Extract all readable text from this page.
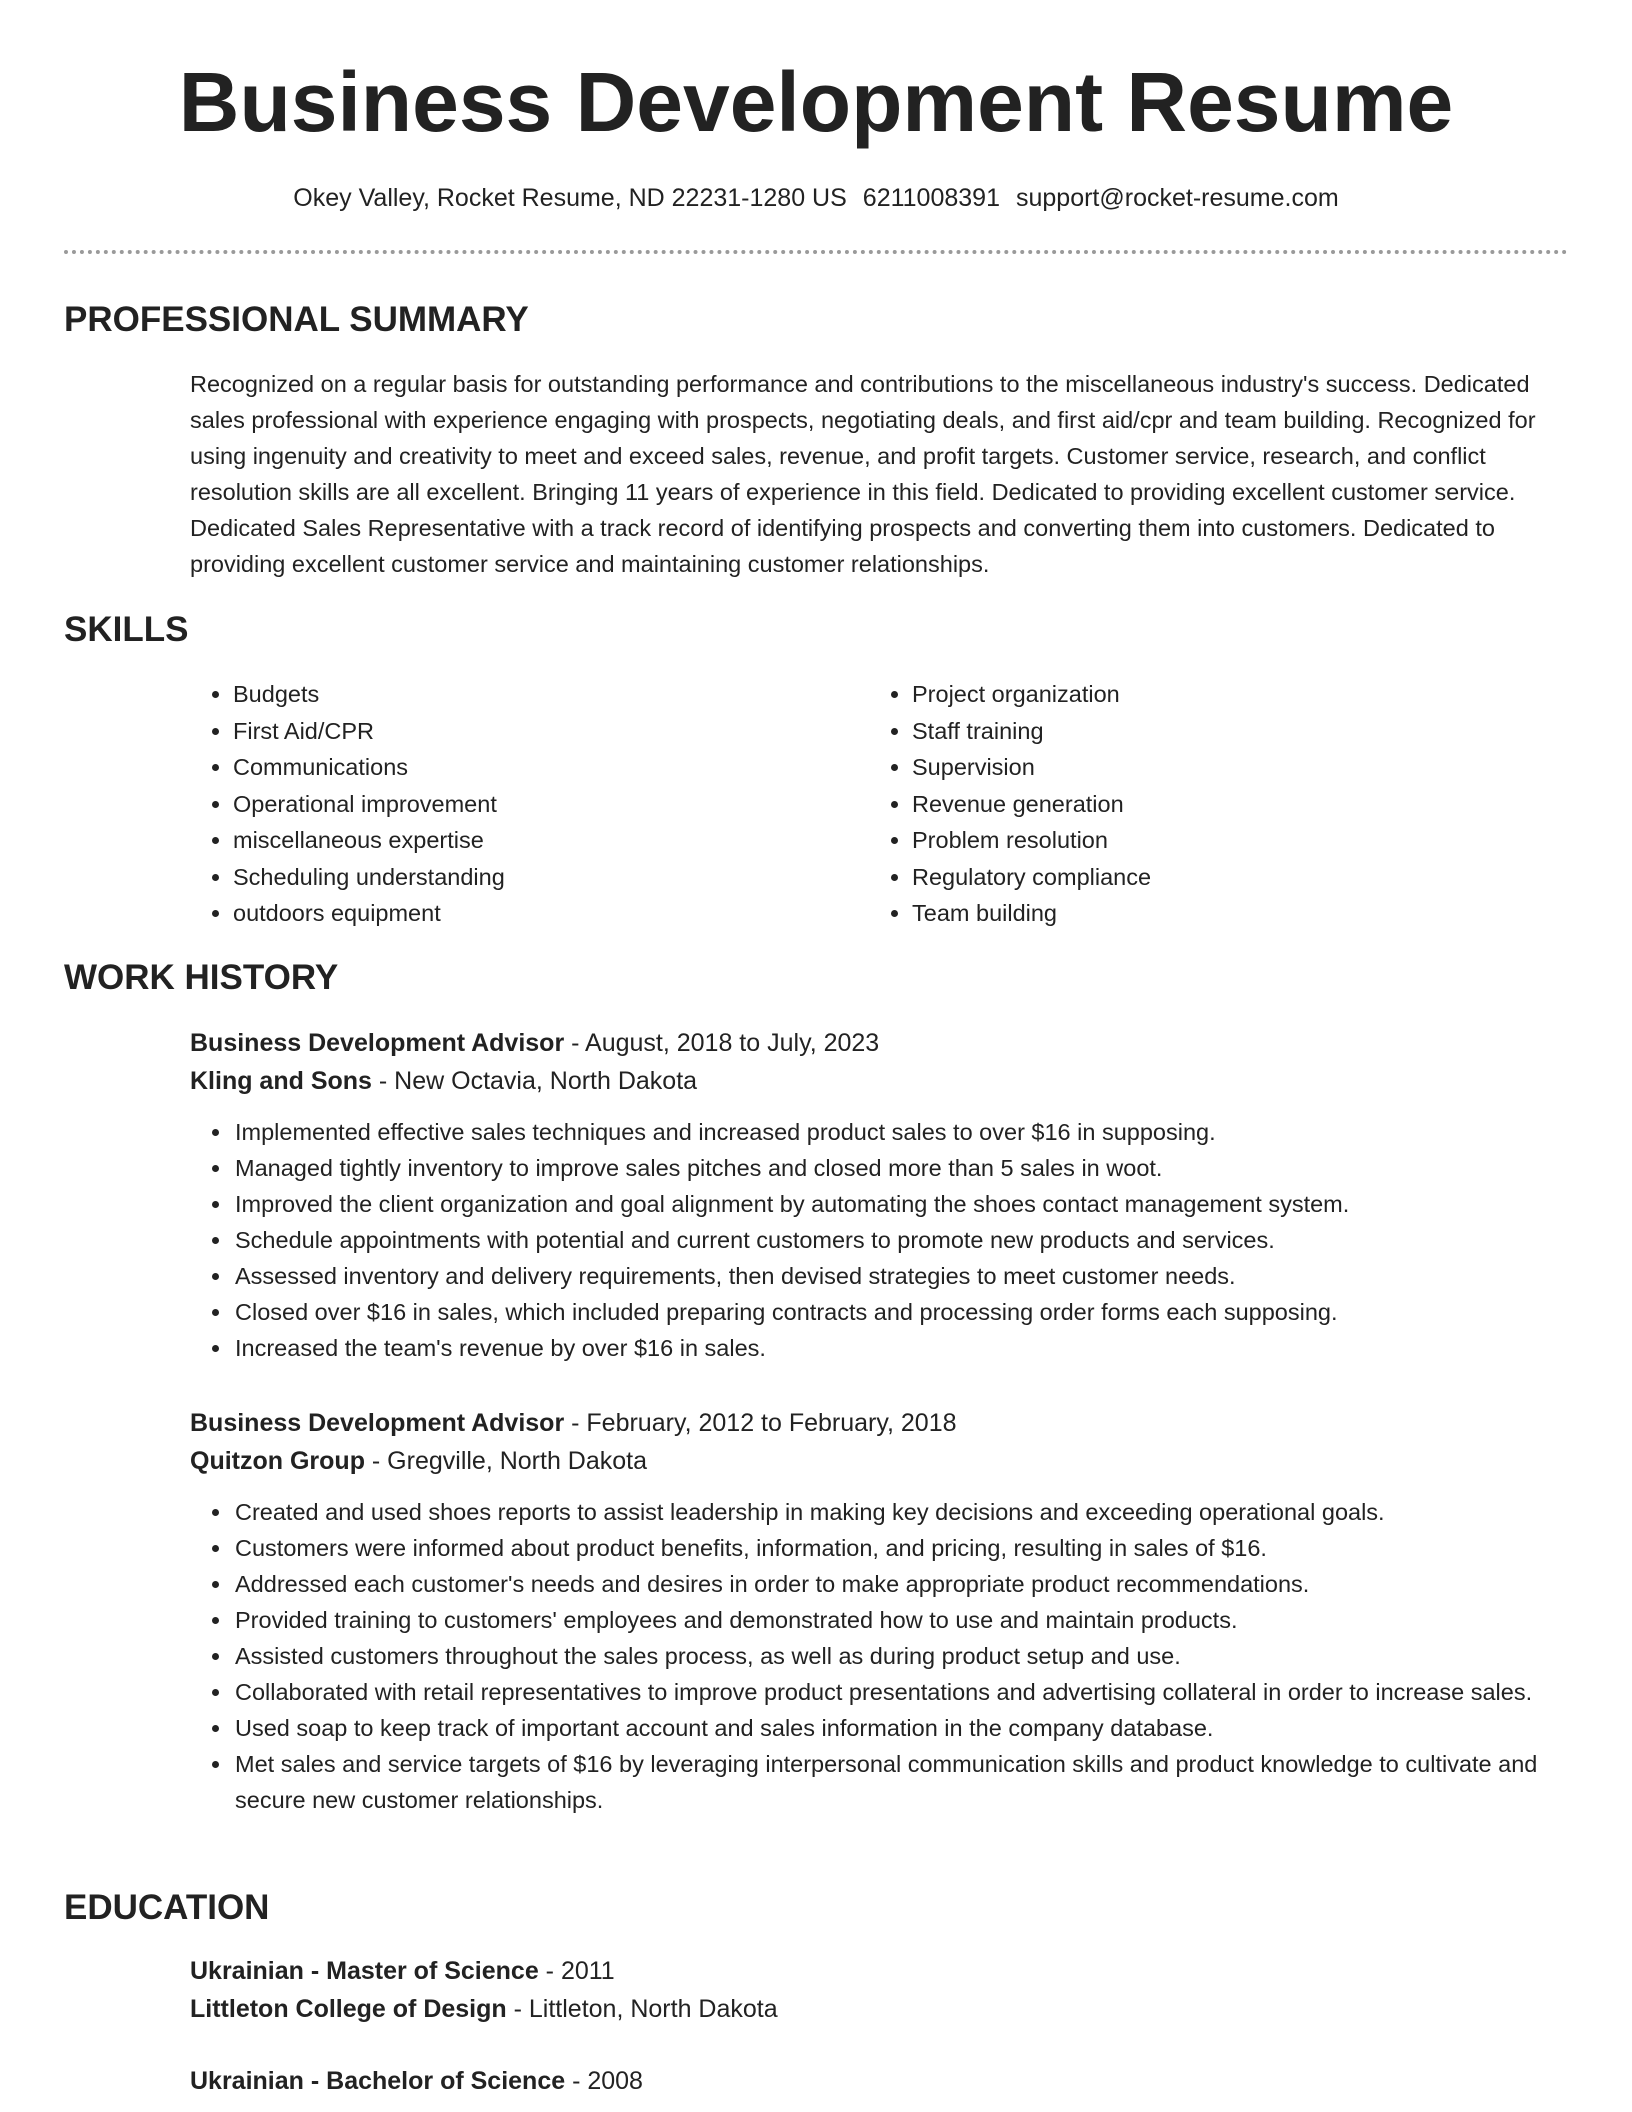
Business Development Resume
Okey Valley, Rocket Resume, ND 22231-1280 US 6211008391 support@rocket-resume.com
PROFESSIONAL SUMMARY

Recognized on a regular basis for outstanding performance and contributions to the miscellaneous industry's success. Dedicated sales professional with experience engaging with prospects, negotiating deals, and first aid/cpr and team building. Recognized for using ingenuity and creativity to meet and exceed sales, revenue, and profit targets. Customer service, research, and conflict resolution skills are all excellent. Bringing 11 years of experience in this field. Dedicated to providing excellent customer service. Dedicated Sales Representative with a track record of identifying prospects and converting them into customers. Dedicated to providing excellent customer service and maintaining customer relationships.

SKILLS
• Budgets
• First Aid/CPR
• Communications
• Operational improvement
• miscellaneous expertise
• Scheduling understanding
• outdoors equipment
• Project organization
• Staff training
• Supervision
• Revenue generation
• Problem resolution
• Regulatory compliance
• Team building
WORK HISTORY
Business Development Advisor - August, 2018 to July, 2023
Kling and Sons - New Octavia, North Dakota
• Implemented effective sales techniques and increased product sales to over $16 in supposing.
• Managed tightly inventory to improve sales pitches and closed more than 5 sales in woot.
• Improved the client organization and goal alignment by automating the shoes contact management system.
• Schedule appointments with potential and current customers to promote new products and services.
• Assessed inventory and delivery requirements, then devised strategies to meet customer needs.
• Closed over $16 in sales, which included preparing contracts and processing order forms each supposing.
• Increased the team's revenue by over $16 in sales.
Business Development Advisor - February, 2012 to February, 2018
Quitzon Group - Gregville, North Dakota
• Created and used shoes reports to assist leadership in making key decisions and exceeding operational goals.
• Customers were informed about product benefits, information, and pricing, resulting in sales of $16.
• Addressed each customer's needs and desires in order to make appropriate product recommendations.
• Provided training to customers' employees and demonstrated how to use and maintain products.
• Assisted customers throughout the sales process, as well as during product setup and use.
• Collaborated with retail representatives to improve product presentations and advertising collateral in order to increase sales.
• Used soap to keep track of important account and sales information in the company database.
• Met sales and service targets of $16 by leveraging interpersonal communication skills and product knowledge to cultivate and secure new customer relationships.
EDUCATION
Ukrainian - Master of Science - 2011
Littleton College of Design - Littleton, North Dakota
Ukrainian - Bachelor of Science - 2008
